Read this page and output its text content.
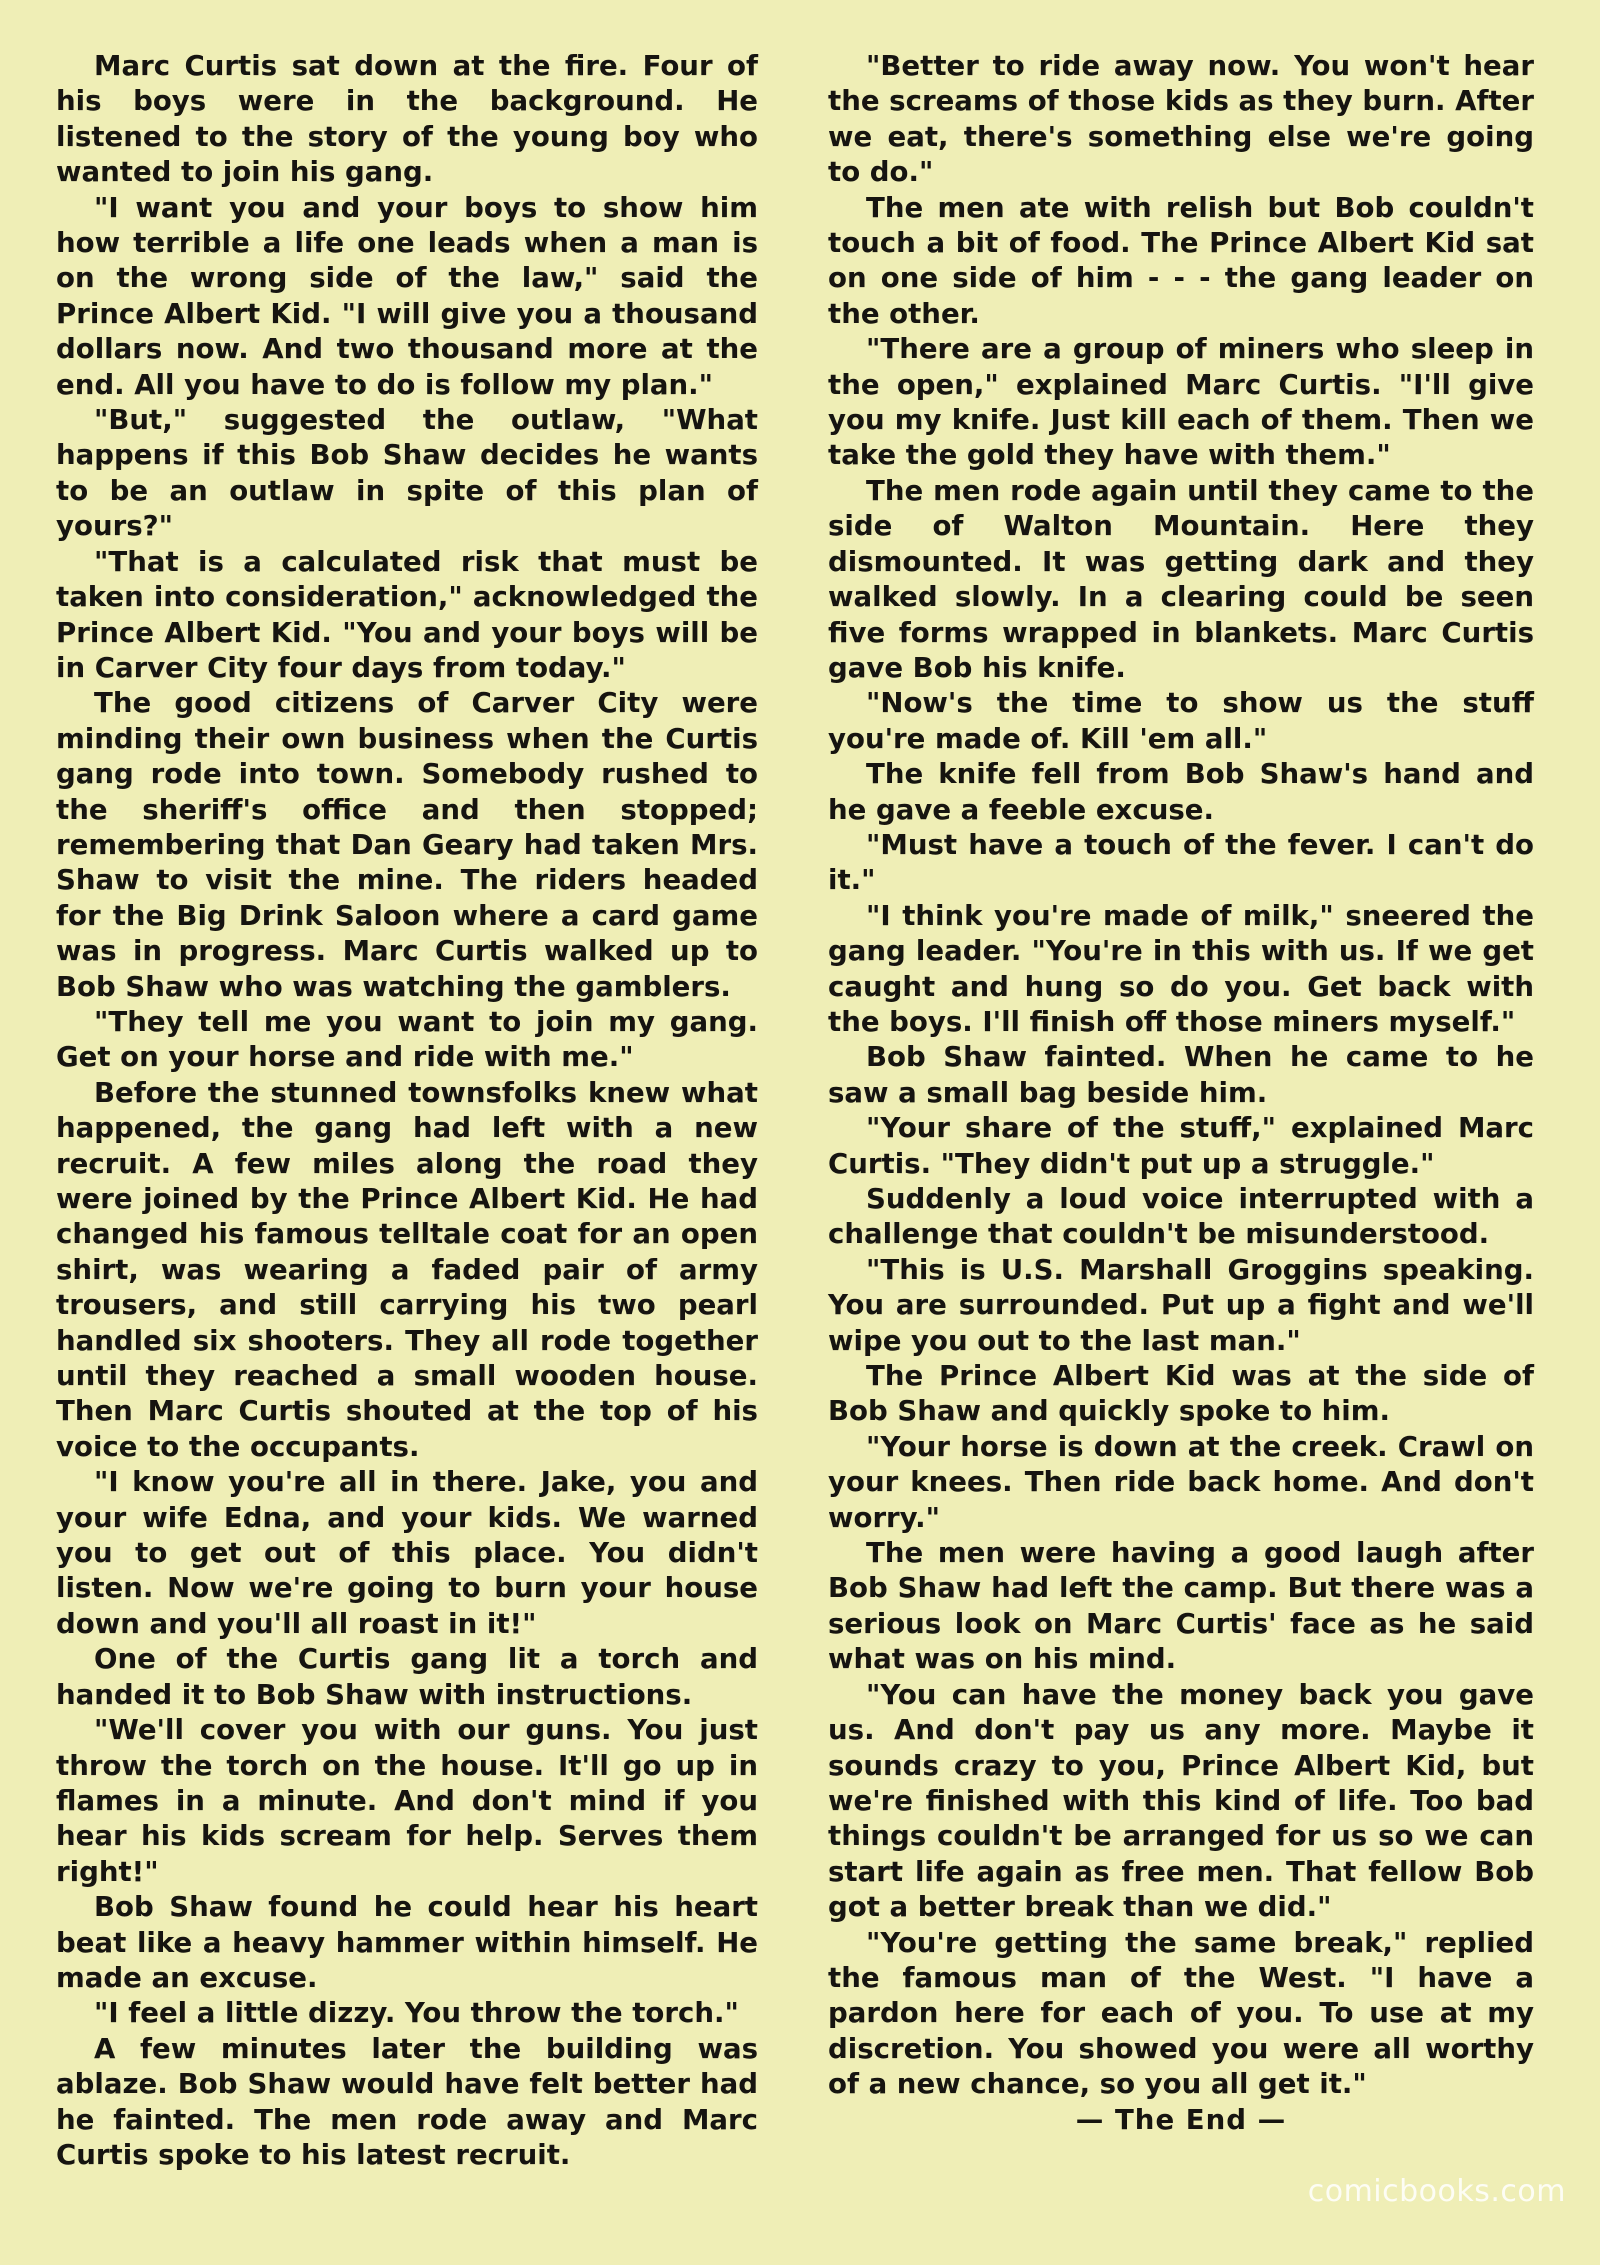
Marc Curtis sat down at the fire. Four of his boys were in the background. He listened to the story of the young boy who wanted to join his gang.

"I want you and your boys to show him how terrible a life one leads when a man is on the wrong side of the law," said the Prince Albert Kid. "I will give you a thousand dollars now. And two thousand more at the end. All you have to do is follow my plan."

"But," suggested the outlaw, "What happens if this Bob Shaw decides he wants to be an outlaw in spite of this plan of yours?"

"That is a calculated risk that must be taken into consideration," acknowledged the Prince Albert Kid. "You and your boys will be in Carver City four days from today."

The good citizens of Carver City were minding their own business when the Curtis gang rode into town. Somebody rushed to the sheriff's office and then stopped; remembering that Dan Geary had taken Mrs. Shaw to visit the mine. The riders headed for the Big Drink Saloon where a card game was in progress. Marc Curtis walked up to Bob Shaw who was watching the gamblers.

"They tell me you want to join my gang. Get on your horse and ride with me."

Before the stunned townsfolks knew what happened, the gang had left with a new recruit. A few miles along the road they were joined by the Prince Albert Kid. He had changed his famous telltale coat for an open shirt, was wearing a faded pair of army trousers, and still carrying his two pearl handled six shooters. They all rode together until they reached a small wooden house. Then Marc Curtis shouted at the top of his voice to the occupants.

"I know you're all in there. Jake, you and your wife Edna, and your kids. We warned you to get out of this place. You didn't listen. Now we're going to burn your house down and you'll all roast in it!"

One of the Curtis gang lit a torch and handed it to Bob Shaw with instructions.

"We'll cover you with our guns. You just throw the torch on the house. It'll go up in flames in a minute. And don't mind if you hear his kids scream for help. Serves them right!"

Bob Shaw found he could hear his heart beat like a heavy hammer within himself. He made an excuse.

"I feel a little dizzy. You throw the torch."

A few minutes later the building was ablaze. Bob Shaw would have felt better had he fainted. The men rode away and Marc Curtis spoke to his latest recruit.

"Better to ride away now. You won't hear the screams of those kids as they burn. After we eat, there's something else we're going to do."

The men ate with relish but Bob couldn't touch a bit of food. The Prince Albert Kid sat on one side of him - - - the gang leader on the other.

"There are a group of miners who sleep in the open," explained Marc Curtis. "I'll give you my knife. Just kill each of them. Then we take the gold they have with them."

The men rode again until they came to the side of Walton Mountain. Here they dismounted. It was getting dark and they walked slowly. In a clearing could be seen five forms wrapped in blankets. Marc Curtis gave Bob his knife.

"Now's the time to show us the stuff you're made of. Kill 'em all."

The knife fell from Bob Shaw's hand and he gave a feeble excuse.

"Must have a touch of the fever. I can't do it."

"I think you're made of milk," sneered the gang leader. "You're in this with us. If we get caught and hung so do you. Get back with the boys. I'll finish off those miners myself."

Bob Shaw fainted. When he came to he saw a small bag beside him.

"Your share of the stuff," explained Marc Curtis. "They didn't put up a struggle."

Suddenly a loud voice interrupted with a challenge that couldn't be misunderstood.

"This is U.S. Marshall Groggins speaking. You are surrounded. Put up a fight and we'll wipe you out to the last man."

The Prince Albert Kid was at the side of Bob Shaw and quickly spoke to him.

"Your horse is down at the creek. Crawl on your knees. Then ride back home. And don't worry."

The men were having a good laugh after Bob Shaw had left the camp. But there was a serious look on Marc Curtis' face as he said what was on his mind.

"You can have the money back you gave us. And don't pay us any more. Maybe it sounds crazy to you, Prince Albert Kid, but we're finished with this kind of life. Too bad things couldn't be arranged for us so we can start life again as free men. That fellow Bob got a better break than we did."

"You're getting the same break," replied the famous man of the West. "I have a pardon here for each of you. To use at my discretion. You showed you were all worthy of a new chance, so you all get it."

— The End —

comicbooks.com
